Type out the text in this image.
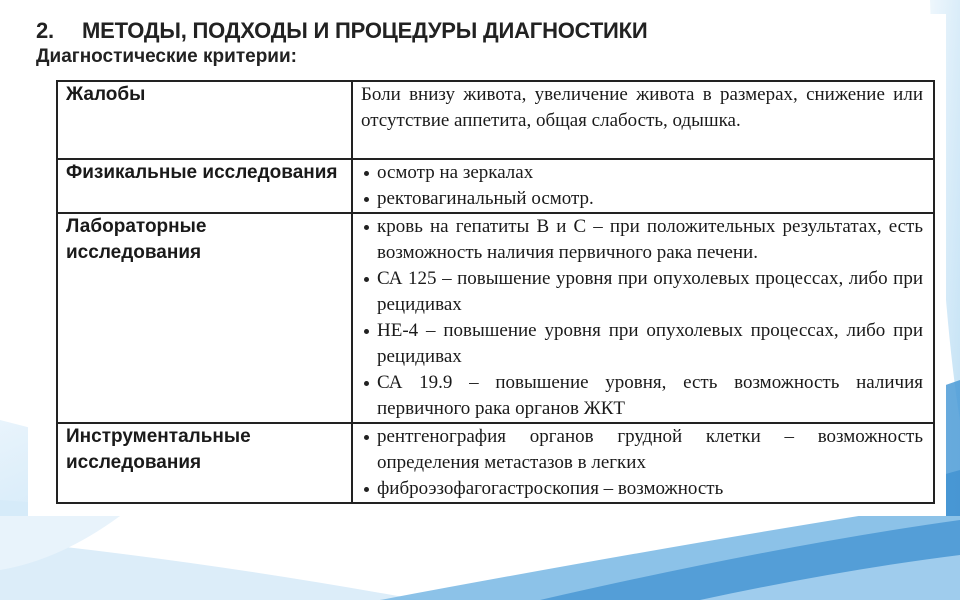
2. МЕТОДЫ, ПОДХОДЫ И ПРОЦЕДУРЫ ДИАГНОСТИКИ
Диагностические критерии:
Жалобы	Боли внизу живота, увеличение живота в размерах, снижение или отсутствие аппетита, общая слабость, одышка.
Физикальные исследования	осмотр на зеркалах
ректовагинальный осмотр.

Лабораторные исследования	кровь на гепатиты В и С – при положительных результатах, есть возможность наличия первичного рака печени.
СА 125 – повышение уровня при опухолевых процессах, либо при рецидивах
НЕ-4 – повышение уровня при опухолевых процессах, либо при рецидивах
СА 19.9 – повышение уровня, есть возможность наличия первичного рака органов ЖКТ

Инструментальные исследования	рентгенография органов грудной клетки – возможность определения метастазов в легких
фиброэзофагогастроскопия – возможность
